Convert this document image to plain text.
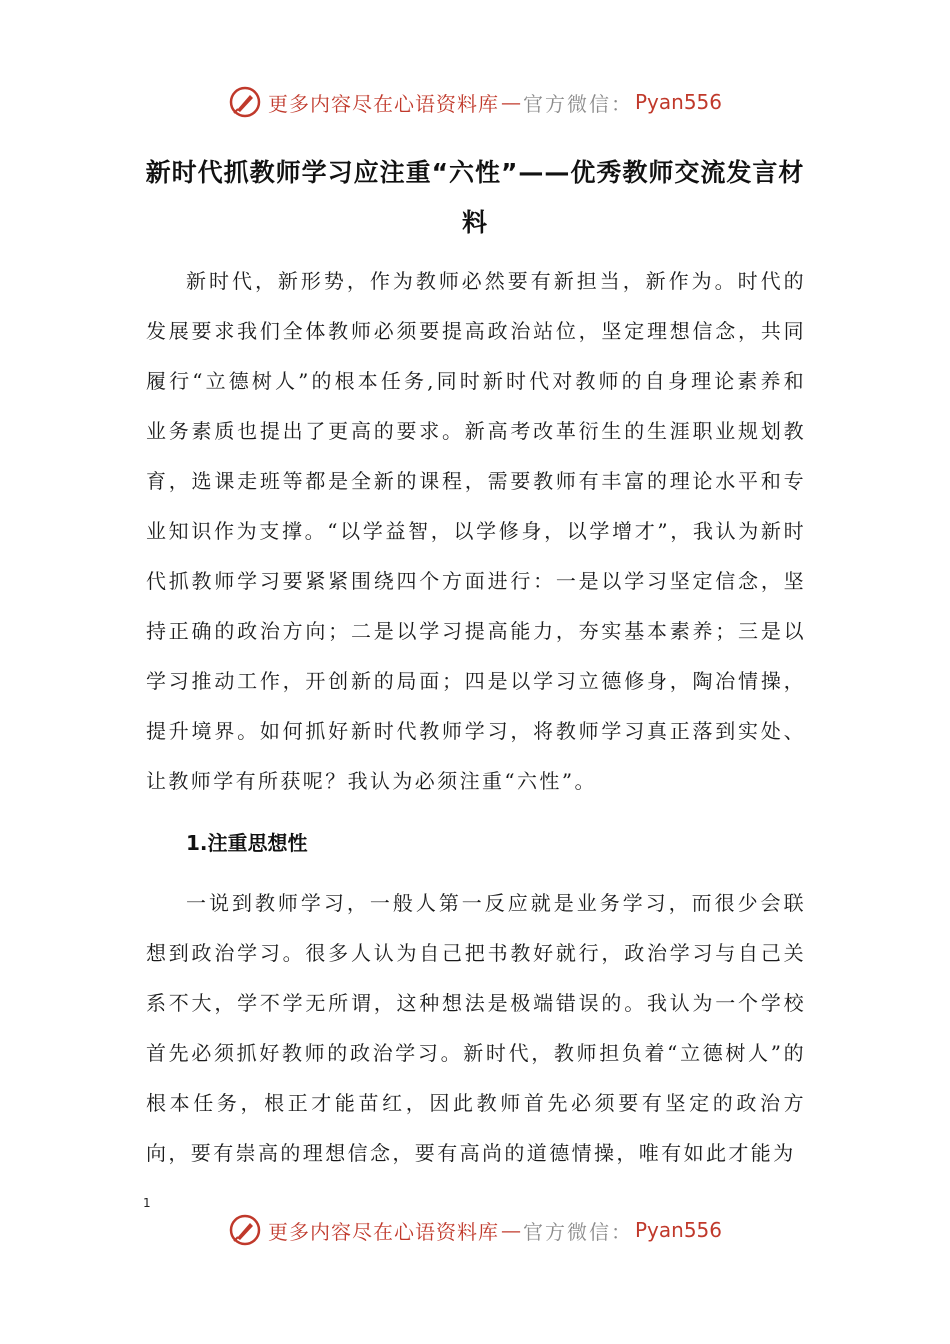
更多内容尽在心语资料库 — 官方微信： Pyan556
新时代抓教师学习应注重“六性”——优秀教师交流发言材料

新时代，新形势，作为教师必然要有新担当，新作为。时代的发展要求我们全体教师必须要提高政治站位，坚定理想信念，共同履行“立德树人”的根本任务,同时新时代对教师的自身理论素养和业务素质也提出了更高的要求。新高考改革衍生的生涯职业规划教育，选课走班等都是全新的课程，需要教师有丰富的理论水平和专业知识作为支撑。“以学益智，以学修身，以学增才”，我认为新时代抓教师学习要紧紧围绕四个方面进行：一是以学习坚定信念，坚持正确的政治方向；二是以学习提高能力，夯实基本素养；三是以学习推动工作，开创新的局面；四是以学习立德修身，陶冶情操，提升境界。如何抓好新时代教师学习，将教师学习真正落到实处、让教师学有所获呢？我认为必须注重“六性”。

1.注重思想性

一说到教师学习，一般人第一反应就是业务学习，而很少会联想到政治学习。很多人认为自己把书教好就行，政治学习与自己关系不大，学不学无所谓，这种想法是极端错误的。我认为一个学校首先必须抓好教师的政治学习。新时代，教师担负着“立德树人”的根本任务，根正才能苗红，因此教师首先必须要有坚定的政治方向，要有崇高的理想信念，要有高尚的道德情操，唯有如此才能为

1
更多内容尽在心语资料库 — 官方微信： Pyan556
